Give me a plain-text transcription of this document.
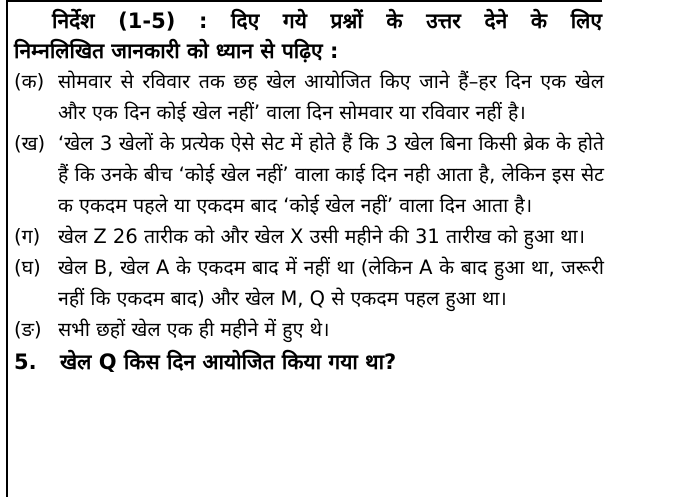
निर्देश (1-5) : दिए गये प्रश्नों के उत्तर देने के लिए
निम्नलिखित जानकारी को ध्यान से पढ़िए :
(क) सोमवार से रविवार तक छह खेल आयोजित किए जाने हैं–हर दिन एक खेल और एक दिन कोई खेल नहीं’ वाला दिन सोमवार या रविवार नहीं है।
(ख) ‘खेल 3 खेलों के प्रत्येक ऐसे सेट में होते हैं कि 3 खेल बिना किसी ब्रेक के होते हैं कि उनके बीच ‘कोई खेल नहीं’ वाला काई दिन नही आता है, लेकिन इस सेट क एकदम पहले या एकदम बाद ‘कोई खेल नहीं’ वाला दिन आता है।
(ग) खेल Z 26 तारीक को और खेल X उसी महीने की 31 तारीख को हुआ था।
(घ) खेल B, खेल A के एकदम बाद में नहीं था (लेकिन A के बाद हुआ था, जरूरी नहीं कि एकदम बाद) और खेल M, Q से एकदम पहल हुआ था।
(ङ) सभी छहों खेल एक ही महीने में हुए थे।
5. खेल Q किस दिन आयोजित किया गया था?
